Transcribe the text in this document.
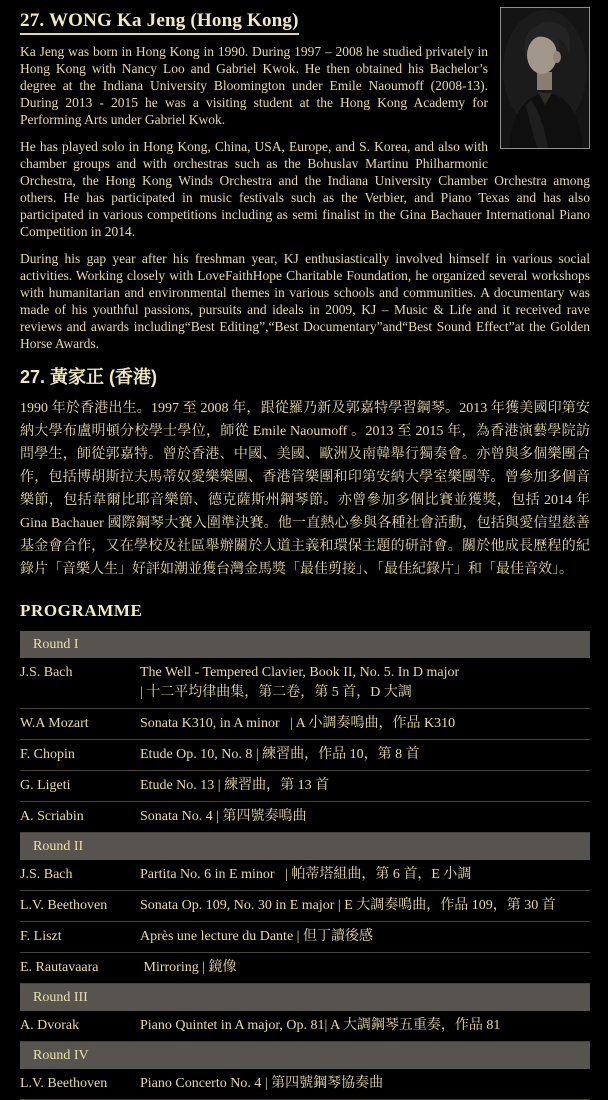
27. WONG Ka Jeng (Hong Kong)

Ka Jeng was born in Hong Kong in 1990. During 1997 – 2008 he studied privately in Hong Kong with Nancy Loo and Gabriel Kwok. He then obtained his Bachelor’s degree at the Indiana University Bloomington under Emile Naoumoff (2008-13). During 2013 - 2015 he was a visiting student at the Hong Kong Academy for Performing Arts under Gabriel Kwok.

He has played solo in Hong Kong, China, USA, Europe, and S. Korea, and also with chamber groups and with orchestras such as the Bohuslav Martinu Philharmonic Orchestra, the Hong Kong Winds Orchestra and the Indiana University Chamber Orchestra among others. He has participated in music festivals such as the Verbier, and Piano Texas and has also participated in various competitions including as semi finalist in the Gina Bachauer International Piano Competition in 2014.

During his gap year after his freshman year, KJ enthusiastically involved himself in various social activities. Working closely with LoveFaithHope Charitable Foundation, he organized several workshops with humanitarian and environmental themes in various schools and communities. A documentary was made of his youthful passions, pursuits and ideals in 2009, KJ – Music & Life and it received rave reviews and awards including“Best Editing”,“Best Documentary”and“Best Sound Effect”at the Golden Horse Awards.

27. 黃家正 (香港)

1990 年於香港出生。1997 至 2008 年，跟從羅乃新及郭嘉特學習鋼琴。2013 年獲美國印第安納大學布盧明頓分校學士學位，師從 Emile Naoumoff 。2013 至 2015 年，為香港演藝學院訪問學生，師從郭嘉特。曾於香港、中國、美國、歐洲及南韓舉行獨奏會。亦曾與多個樂團合作，包括博胡斯拉夫馬蒂奴愛樂樂團、香港管樂團和印第安納大學室樂團等。曾參加多個音樂節，包括韋爾比耶音樂節、德克薩斯州鋼琴節。亦曾參加多個比賽並獲獎，包括 2014 年 Gina Bachauer 國際鋼琴大賽入圍準決賽。他一直熱心參與各種社會活動，包括與愛信望慈善基金會合作，又在學校及社區舉辦關於人道主義和環保主題的研討會。關於他成長歷程的紀錄片「音樂人生」好評如潮並獲台灣金馬獎「最佳剪接」、「最佳紀錄片」和「最佳音效」。

PROGRAMME
Round I
J.S. Bach	The Well - Tempered Clavier, Book II, No. 5. In D major
| 十二平均律曲集，第二卷，第 5 首，D 大調
W.A Mozart	Sonata K310, in A minor   | A 小調奏鳴曲，作品 K310
F. Chopin	Etude Op. 10, No. 8 | 練習曲，作品 10，第 8 首
G. Ligeti	Etude No. 13 | 練習曲，第 13 首
A. Scriabin	Sonata No. 4 | 第四號奏鳴曲
Round II
J.S. Bach	Partita No. 6 in E minor   | 帕蒂塔組曲，第 6 首，E 小調
L.V. Beethoven	Sonata Op. 109, No. 30 in E major | E 大調奏鳴曲，作品 109，第 30 首
F. Liszt	Après une lecture du Dante | 但丁讀後感
E. Rautavaara	Mirroring | 鏡像
Round III
A. Dvorak	Piano Quintet in A major, Op. 81| A 大調鋼琴五重奏，作品 81
Round IV
L.V. Beethoven	Piano Concerto No. 4 | 第四號鋼琴協奏曲
